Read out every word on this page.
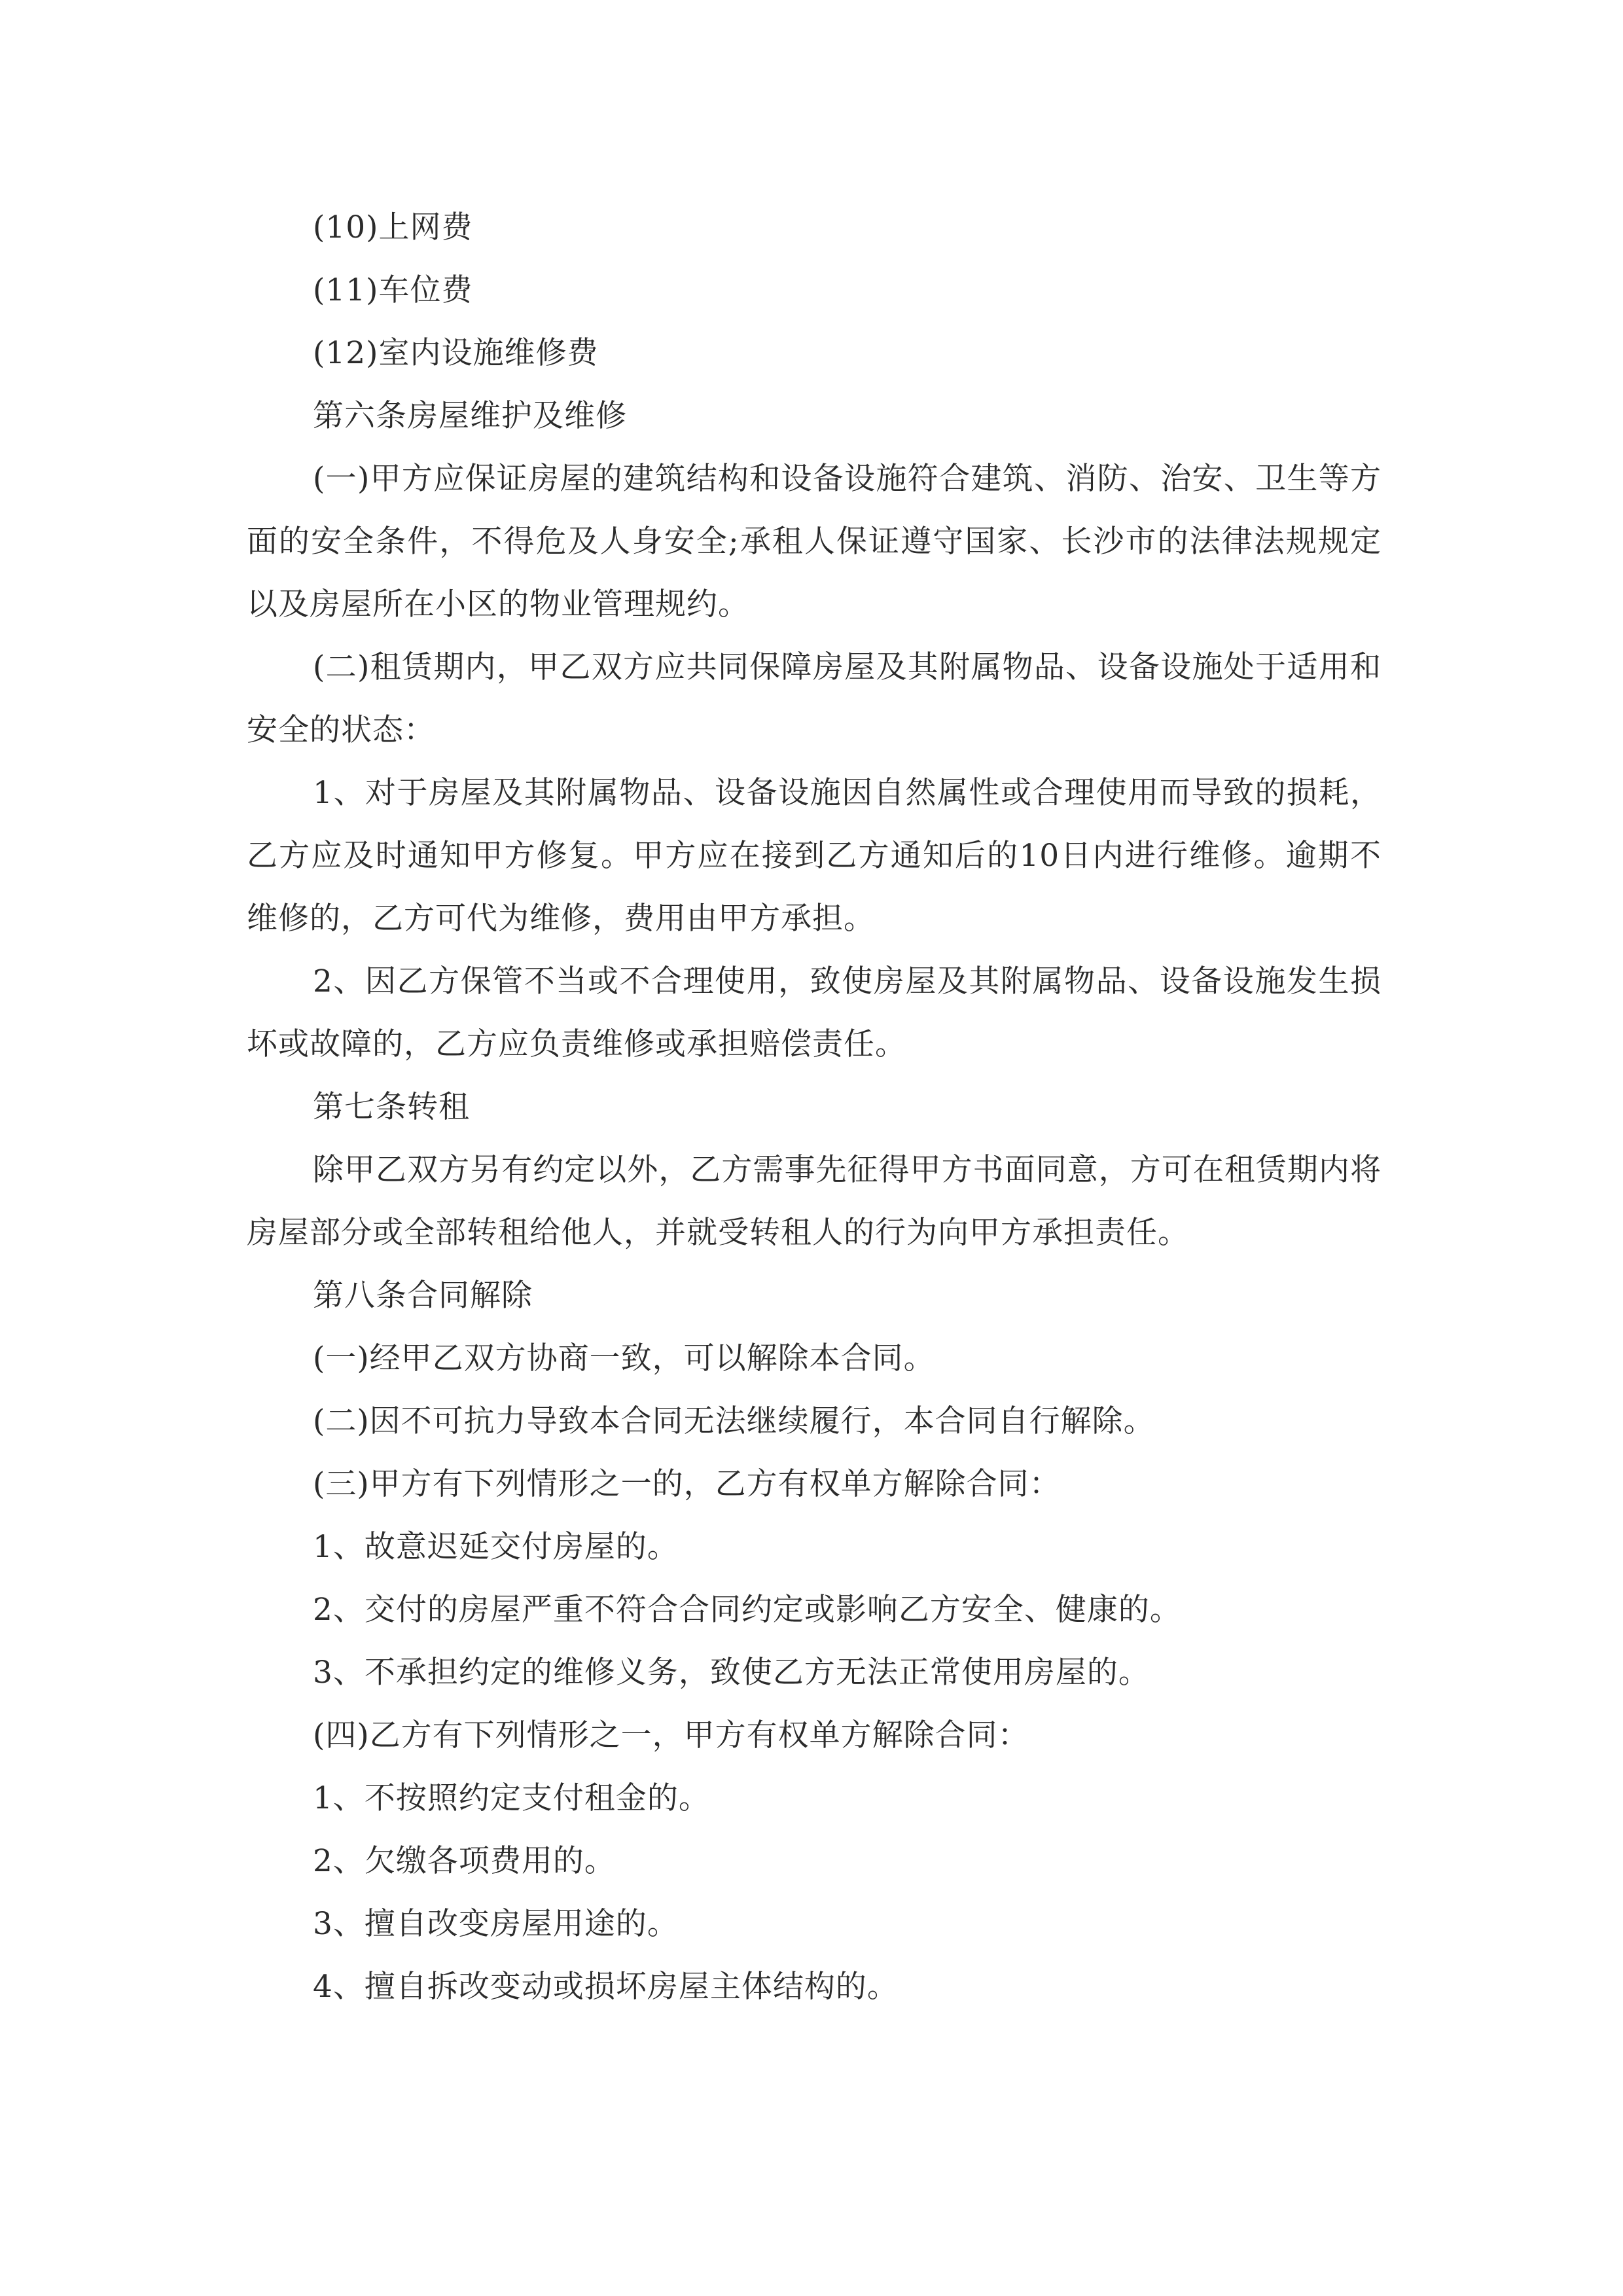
(10)上网费

(11)车位费

(12)室内设施维修费

第六条房屋维护及维修

(一)甲方应保证房屋的建筑结构和设备设施符合建筑、消防、治安、卫生等方面的安全条件，不得危及人身安全;承租人保证遵守国家、长沙市的法律法规规定以及房屋所在小区的物业管理规约。

(二)租赁期内，甲乙双方应共同保障房屋及其附属物品、设备设施处于适用和安全的状态：

1、对于房屋及其附属物品、设备设施因自然属性或合理使用而导致的损耗，乙方应及时通知甲方修复。甲方应在接到乙方通知后的10日内进行维修。逾期不维修的，乙方可代为维修，费用由甲方承担。

2、因乙方保管不当或不合理使用，致使房屋及其附属物品、设备设施发生损坏或故障的，乙方应负责维修或承担赔偿责任。

第七条转租

除甲乙双方另有约定以外，乙方需事先征得甲方书面同意，方可在租赁期内将房屋部分或全部转租给他人，并就受转租人的行为向甲方承担责任。

第八条合同解除

(一)经甲乙双方协商一致，可以解除本合同。

(二)因不可抗力导致本合同无法继续履行，本合同自行解除。

(三)甲方有下列情形之一的，乙方有权单方解除合同：

1、故意迟延交付房屋的。

2、交付的房屋严重不符合合同约定或影响乙方安全、健康的。

3、不承担约定的维修义务，致使乙方无法正常使用房屋的。

(四)乙方有下列情形之一，甲方有权单方解除合同：

1、不按照约定支付租金的。

2、欠缴各项费用的。

3、擅自改变房屋用途的。

4、擅自拆改变动或损坏房屋主体结构的。
